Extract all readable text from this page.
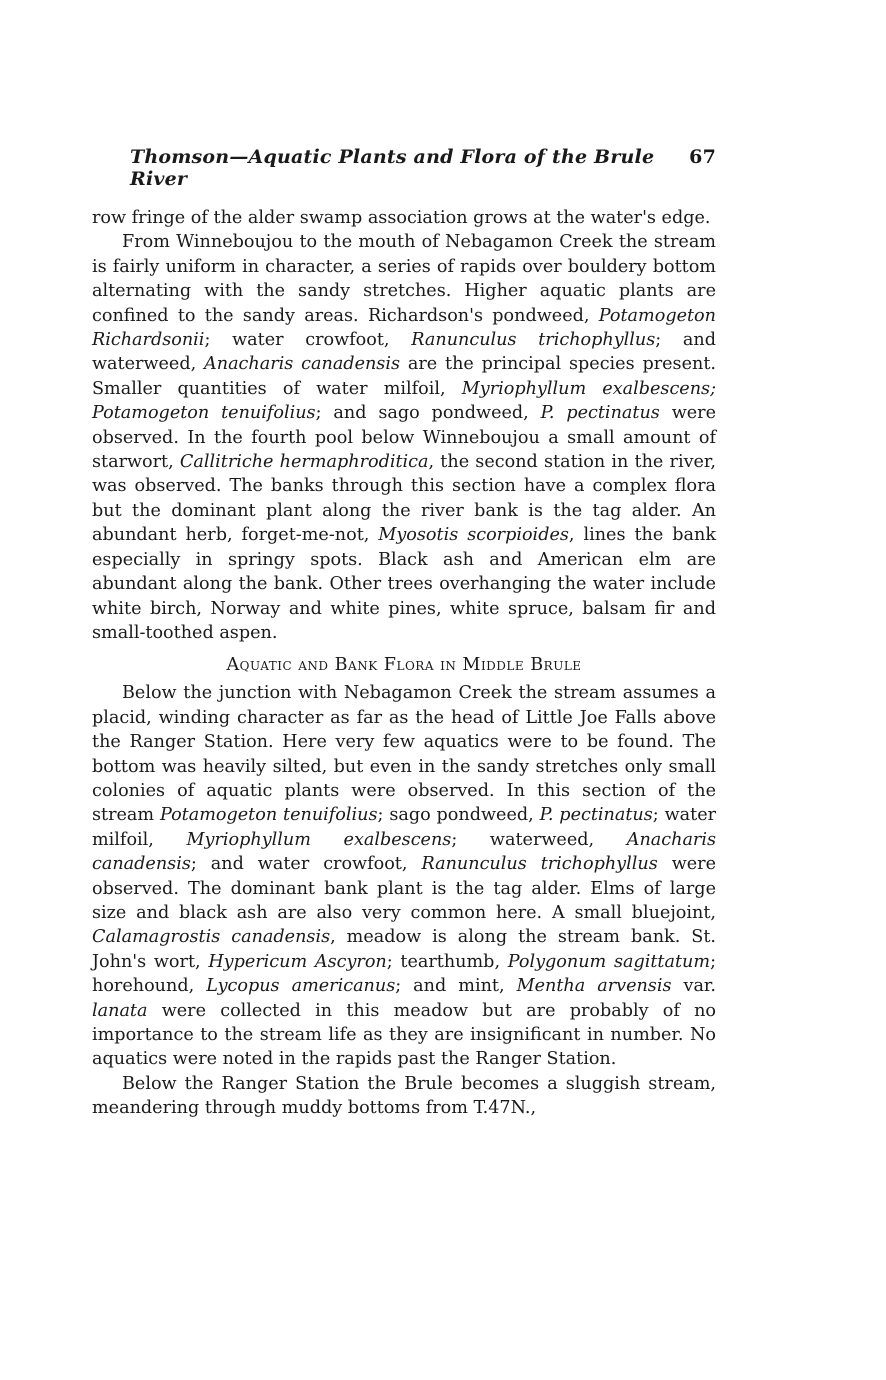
Thomson—Aquatic Plants and Flora of the Brule River
67

row fringe of the alder swamp association grows at the water's edge.

From Winneboujou to the mouth of Nebagamon Creek the stream is fairly uniform in character, a series of rapids over bouldery bottom alternating with the sandy stretches. Higher aquatic plants are confined to the sandy areas. Richardson's pondweed, Potamogeton Richardsonii; water crowfoot, Ranunculus trichophyllus; and waterweed, Anacharis canadensis are the principal species present. Smaller quantities of water milfoil, Myriophyllum exalbescens; Potamogeton tenuifolius; and sago pondweed, P. pectinatus were observed. In the fourth pool below Winneboujou a small amount of starwort, Callitriche hermaphroditica, the second station in the river, was observed. The banks through this section have a complex flora but the dominant plant along the river bank is the tag alder. An abundant herb, forget-me-not, Myosotis scorpioides, lines the bank especially in springy spots. Black ash and American elm are abundant along the bank. Other trees overhanging the water include white birch, Norway and white pines, white spruce, balsam fir and small-toothed aspen.

Aquatic and Bank Flora in Middle Brule

Below the junction with Nebagamon Creek the stream assumes a placid, winding character as far as the head of Little Joe Falls above the Ranger Station. Here very few aquatics were to be found. The bottom was heavily silted, but even in the sandy stretches only small colonies of aquatic plants were observed. In this section of the stream Potamogeton tenuifolius; sago pondweed, P. pectinatus; water milfoil, Myriophyllum exalbescens; waterweed, Anacharis canadensis; and water crowfoot, Ranunculus trichophyllus were observed. The dominant bank plant is the tag alder. Elms of large size and black ash are also very common here. A small bluejoint, Calamagrostis canadensis, meadow is along the stream bank. St. John's wort, Hypericum Ascyron; tearthumb, Polygonum sagittatum; horehound, Lycopus americanus; and mint, Mentha arvensis var. lanata were collected in this meadow but are probably of no importance to the stream life as they are insignificant in number. No aquatics were noted in the rapids past the Ranger Station.

Below the Ranger Station the Brule becomes a sluggish stream, meandering through muddy bottoms from T.47N.,
